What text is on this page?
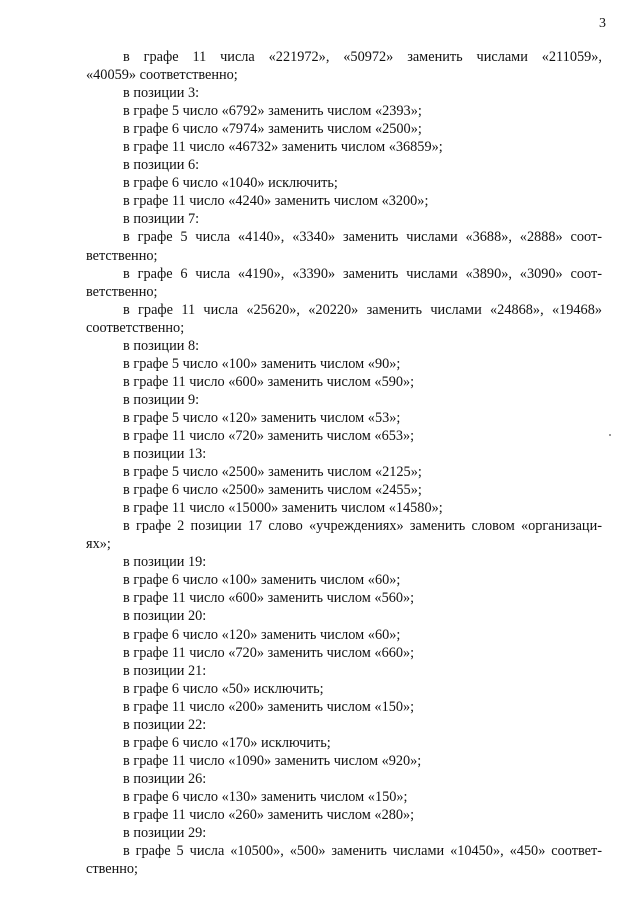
3
в графе 11 числа «221972», «50972» заменить числами «211059»,
«40059» соответственно;
в позиции 3:
в графе 5 число «6792» заменить числом «2393»;
в графе 6 число «7974» заменить числом «2500»;
в графе 11 число «46732» заменить числом «36859»;
в позиции 6:
в графе 6 число «1040» исключить;
в графе 11 число «4240» заменить числом «3200»;
в позиции 7:
в графе 5 числа «4140», «3340» заменить числами «3688», «2888» соот-
ветственно;
в графе 6 числа «4190», «3390» заменить числами «3890», «3090» соот-
ветственно;
в графе 11 числа «25620», «20220» заменить числами «24868», «19468»
соответственно;
в позиции 8:
в графе 5 число «100» заменить числом «90»;
в графе 11 число «600» заменить числом «590»;
в позиции 9:
в графе 5 число «120» заменить числом «53»;
в графе 11 число «720» заменить числом «653»;
в позиции 13:
в графе 5 число «2500» заменить числом «2125»;
в графе 6 число «2500» заменить числом «2455»;
в графе 11 число «15000» заменить числом «14580»;
в графе 2 позиции 17 слово «учреждениях» заменить словом «организаци-
ях»;
в позиции 19:
в графе 6 число «100» заменить числом «60»;
в графе 11 число «600» заменить числом «560»;
в позиции 20:
в графе 6 число «120» заменить числом «60»;
в графе 11 число «720» заменить числом «660»;
в позиции 21:
в графе 6 число «50» исключить;
в графе 11 число «200» заменить числом «150»;
в позиции 22:
в графе 6 число «170» исключить;
в графе 11 число «1090» заменить числом «920»;
в позиции 26:
в графе 6 число «130» заменить числом «150»;
в графе 11 число «260» заменить числом «280»;
в позиции 29:
в графе 5 числа «10500», «500» заменить числами «10450», «450» соответ-
ственно;
